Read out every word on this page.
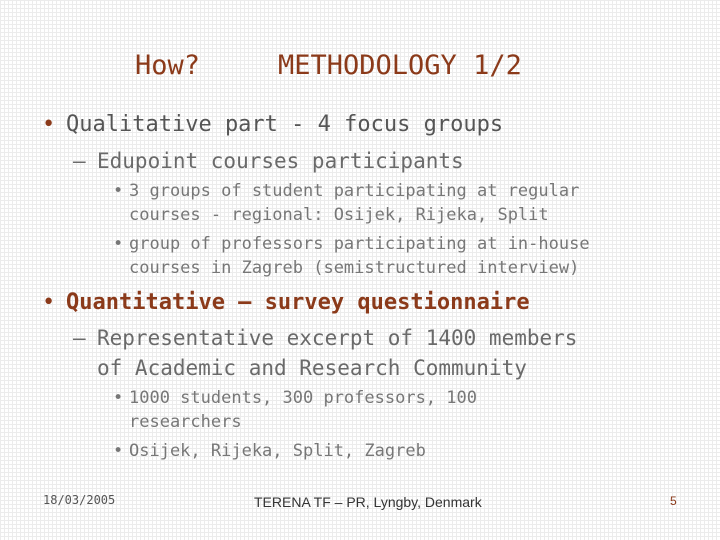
How?	METHODOLOGY 1/2
• Qualitative part - 4 focus groups
– Edupoint courses participants
• 3 groups of student participating at regular
courses - regional: Osijek, Rijeka, Split
• group of professors participating at in-house
courses in Zagreb (semistructured interview)
• Quantitative – survey questionnaire
– Representative excerpt of 1400 members
of Academic and Research Community
• 1000 students, 300 professors, 100
researchers
• Osijek, Rijeka, Split, Zagreb
18/03/2005	TERENA TF – PR, Lyngby, Denmark	5
